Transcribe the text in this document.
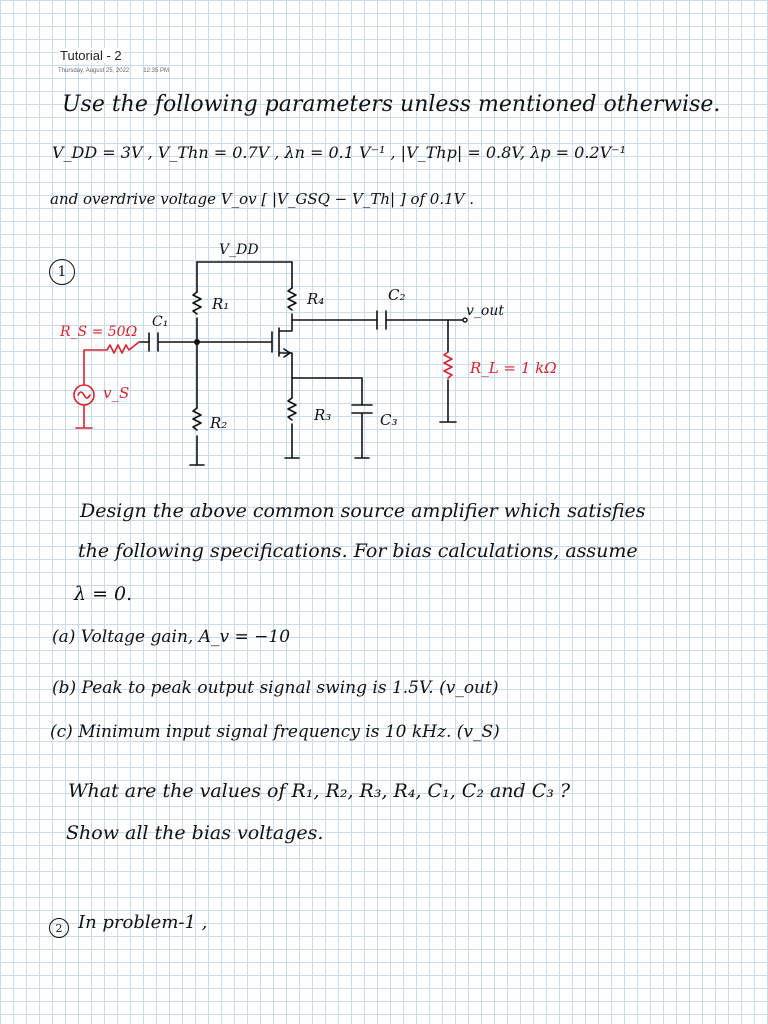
Tutorial - 2
Thursday, August 25, 2022 12:35 PM
Use the following parameters unless mentioned otherwise.
V_DD = 3V , V_Thn = 0.7V , λn = 0.1 V⁻¹ , |V_Thp| = 0.8V, λp = 0.2V⁻¹
and overdrive voltage V_ov [ |V_GSQ − V_Th| ] of 0.1V .
1
V_DD
R₁	R₄	C₂
v_out
C₁
R₂	R₃	C₃
R_S = 50Ω
v_S
R_L = 1 kΩ
Design the above common source amplifier which satisfies
the following specifications. For bias calculations, assume
λ = 0.
(a) Voltage gain, A_v = −10
(b) Peak to peak output signal swing is 1.5V. (v_out)
(c) Minimum input signal frequency is 10 kHz. (v_S)
What are the values of R₁, R₂, R₃, R₄, C₁, C₂ and C₃ ?
Show all the bias voltages.
2 In problem-1 ,
